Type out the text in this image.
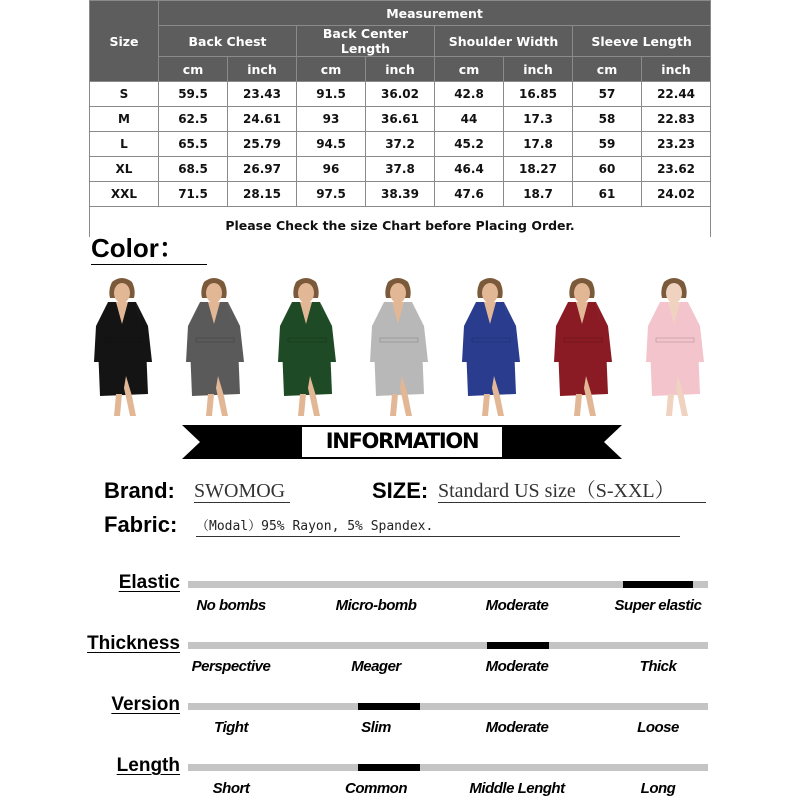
Size	Measurement							
	Back Chest		Back Center Length		Shoulder Width		Sleeve Length	
	cm	inch	cm	inch	cm	inch	cm	inch
S	59.5	23.43	91.5	36.02	42.8	16.85	57	22.44
M	62.5	24.61	93	36.61	44	17.3	58	22.83
L	65.5	25.79	94.5	37.2	45.2	17.8	59	23.23
XL	68.5	26.97	96	37.8	46.4	18.27	60	23.62
XXL	71.5	28.15	97.5	38.39	47.6	18.7	61	24.02
Please Check the size Chart before Placing Order.
Color：
INFORMATION
Brand: SWOMOG	SIZE: Standard US size（S-XXL）
Fabric: （Modal）95% Rayon, 5% Spandex.
Elastic
No bombs	Micro-bomb	Moderate	Super elastic
Thickness
Perspective	Meager	Moderate	Thick
Version
Tight	Slim	Moderate	Loose
Length
Short	Common	Middle Lenght	Long
